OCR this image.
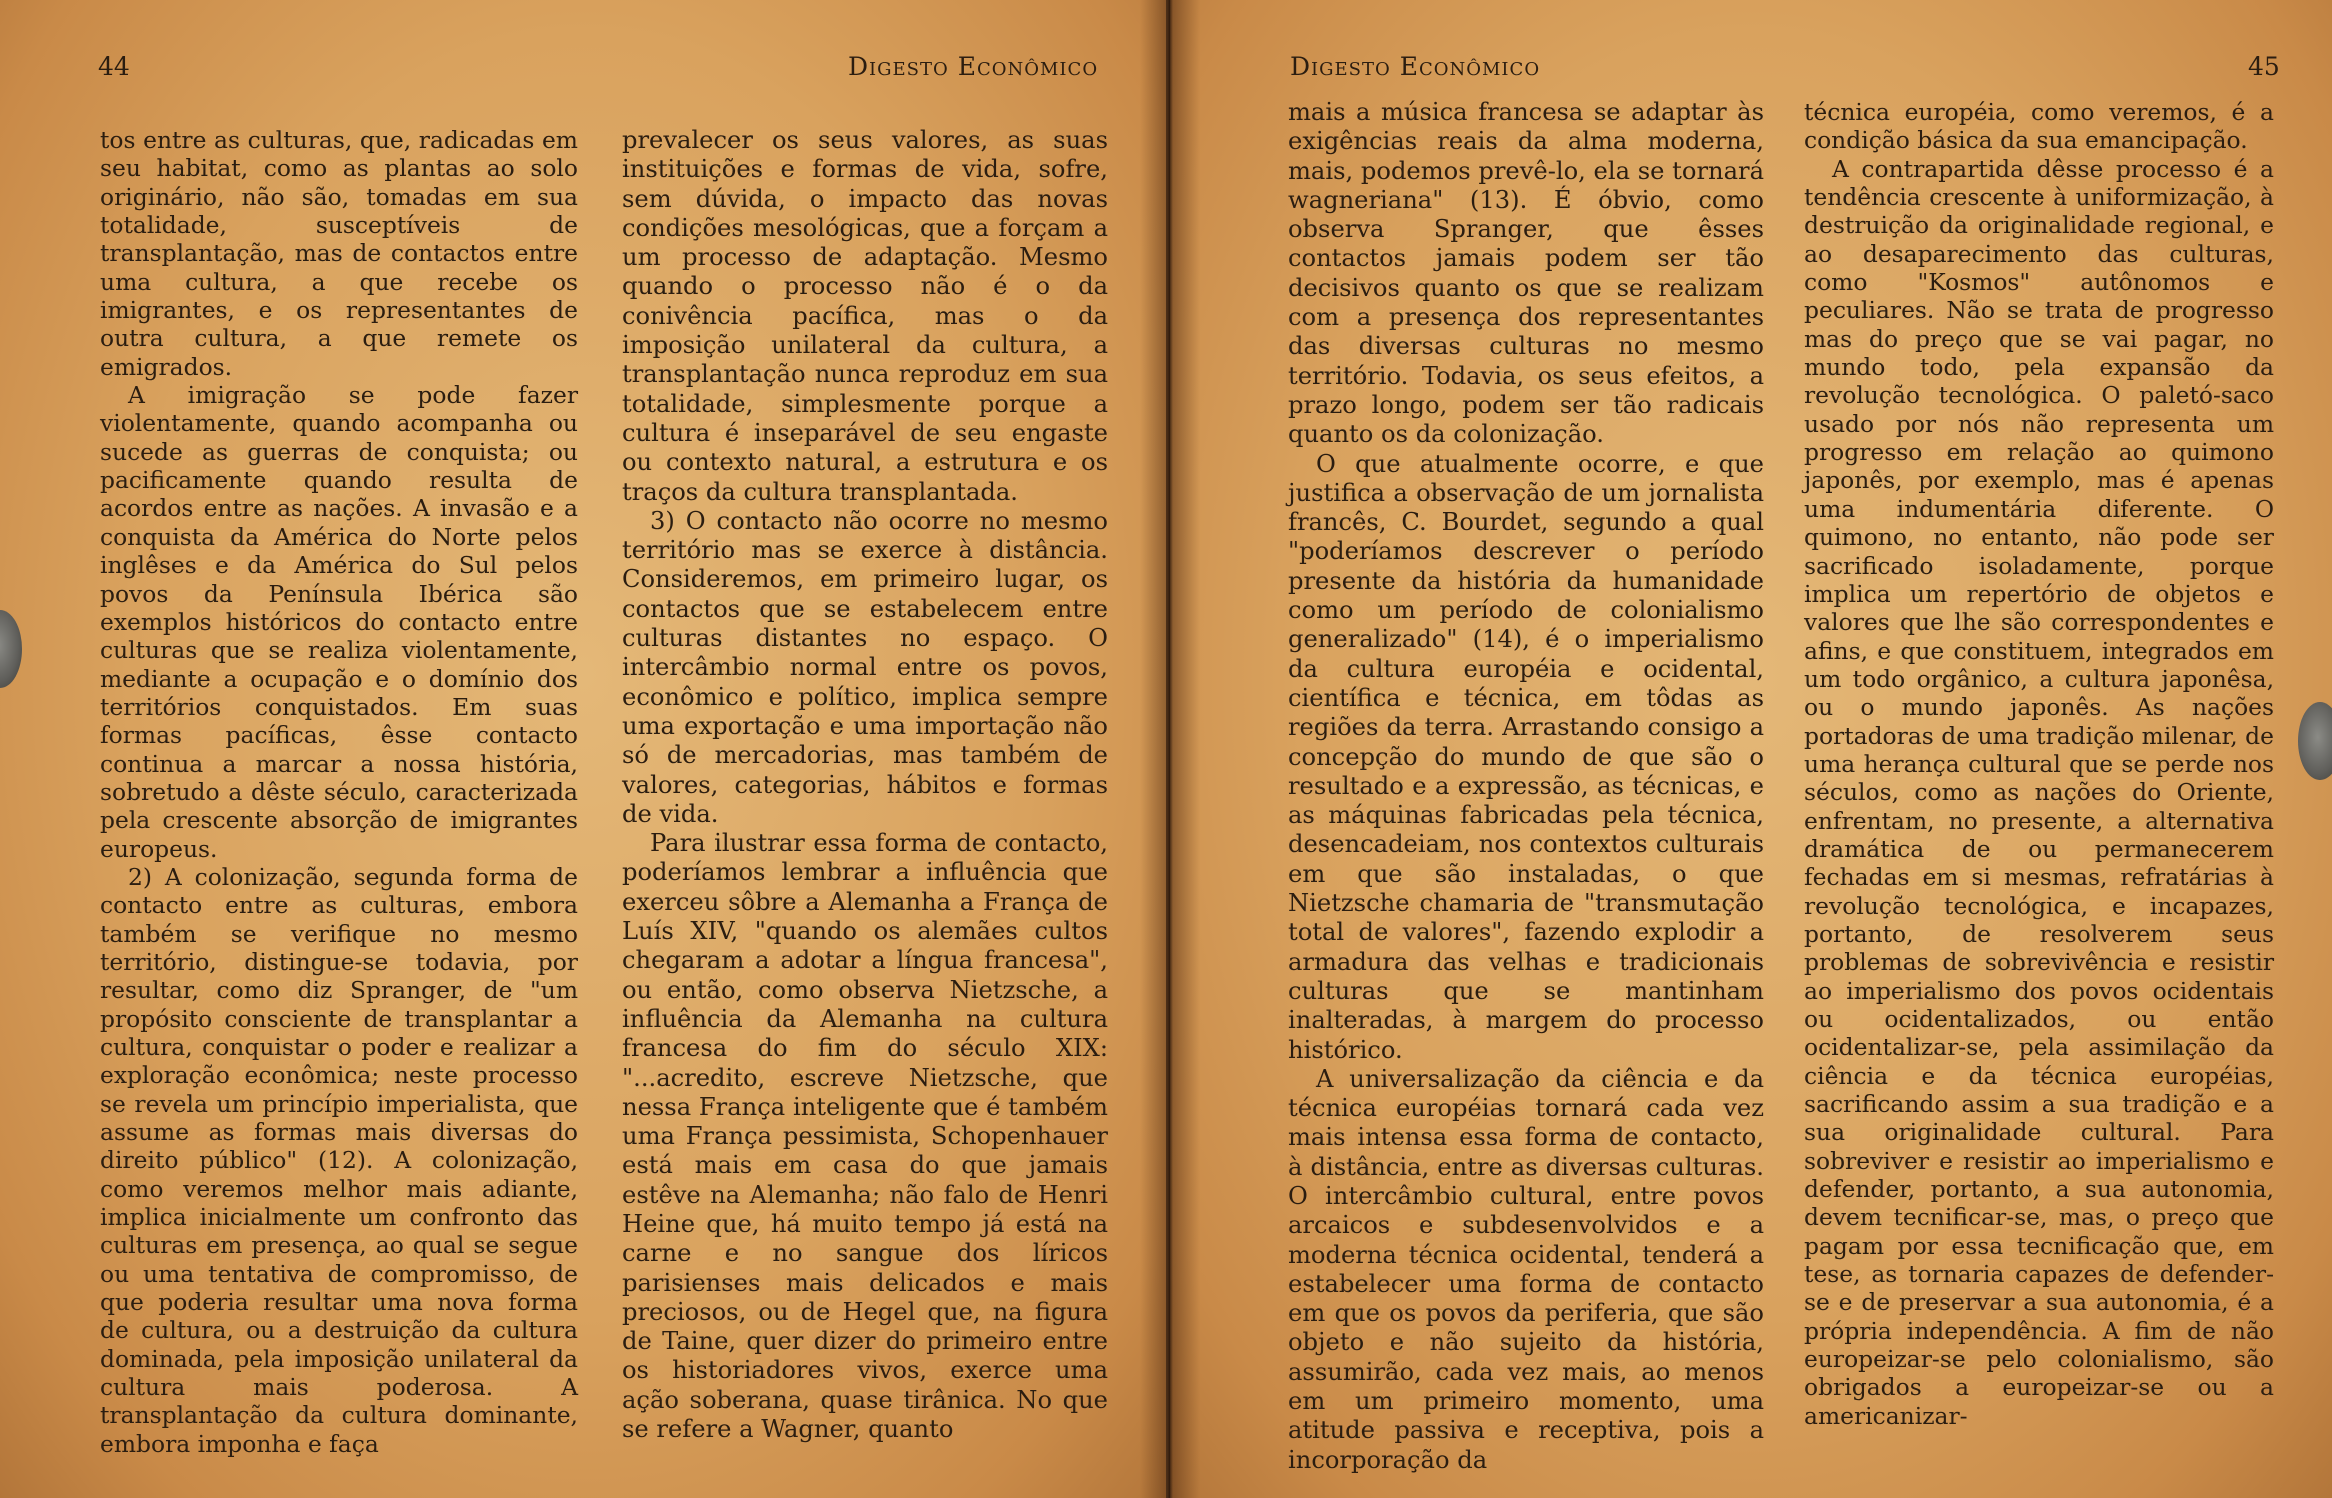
44	Digesto Econômico

tos entre as culturas, que, radicadas em seu habitat, como as plantas ao solo originário, não são, tomadas em sua totalidade, susceptíveis de transplantação, mas de contactos entre uma cultura, a que recebe os imigrantes, e os representantes de outra cultura, a que remete os emigrados.

A imigração se pode fazer violentamente, quando acompanha ou sucede as guerras de conquista; ou pacificamente quando resulta de acordos entre as nações. A invasão e a conquista da América do Norte pelos inglêses e da América do Sul pelos povos da Península Ibérica são exemplos históricos do contacto entre culturas que se realiza violentamente, mediante a ocupação e o domínio dos territórios conquistados. Em suas formas pacíficas, êsse contacto continua a marcar a nossa história, sobretudo a dêste século, caracterizada pela crescente absorção de imigrantes europeus.

2) A colonização, segunda forma de contacto entre as culturas, embora também se verifique no mesmo território, distingue-se todavia, por resultar, como diz Spranger, de "um propósito consciente de transplantar a cultura, conquistar o poder e realizar a exploração econômica; neste processo se revela um princípio imperialista, que assume as formas mais diversas do direito público" (12). A colonização, como veremos melhor mais adiante, implica inicialmente um confronto das culturas em presença, ao qual se segue ou uma tentativa de compromisso, de que poderia resultar uma nova forma de cultura, ou a destruição da cultura dominada, pela imposição unilateral da cultura mais poderosa. A transplantação da cultura dominante, embora imponha e faça

prevalecer os seus valores, as suas instituições e formas de vida, sofre, sem dúvida, o impacto das novas condições mesológicas, que a forçam a um processo de adaptação. Mesmo quando o processo não é o da conivência pacífica, mas o da imposição unilateral da cultura, a transplantação nunca reproduz em sua totalidade, simplesmente porque a cultura é inseparável de seu engaste ou contexto natural, a estrutura e os traços da cultura transplantada.

3) O contacto não ocorre no mesmo território mas se exerce à distância. Consideremos, em primeiro lugar, os contactos que se estabelecem entre culturas distantes no espaço. O intercâmbio normal entre os povos, econômico e político, implica sempre uma exportação e uma importação não só de mercadorias, mas também de valores, categorias, hábitos e formas de vida.

Para ilustrar essa forma de contacto, poderíamos lembrar a influência que exerceu sôbre a Alemanha a França de Luís XIV, "quando os alemães cultos chegaram a adotar a língua francesa", ou então, como observa Nietzsche, a influência da Alemanha na cultura francesa do fim do século XIX: "...acredito, escreve Nietzsche, que nessa França inteligente que é também uma França pessimista, Schopenhauer está mais em casa do que jamais estêve na Alemanha; não falo de Henri Heine que, há muito tempo já está na carne e no sangue dos líricos parisienses mais delicados e mais preciosos, ou de Hegel que, na figura de Taine, quer dizer do primeiro entre os historiadores vivos, exerce uma ação soberana, quase tirânica. No que se refere a Wagner, quanto

Digesto Econômico	45

mais a música francesa se adaptar às exigências reais da alma moderna, mais, podemos prevê-lo, ela se tornará wagneriana" (13). É óbvio, como observa Spranger, que êsses contactos jamais podem ser tão decisivos quanto os que se realizam com a presença dos representantes das diversas culturas no mesmo território. Todavia, os seus efeitos, a prazo longo, podem ser tão radicais quanto os da colonização.

O que atualmente ocorre, e que justifica a observação de um jornalista francês, C. Bourdet, segundo a qual "poderíamos descrever o período presente da história da humanidade como um período de colonialismo generalizado" (14), é o imperialismo da cultura européia e ocidental, científica e técnica, em tôdas as regiões da terra. Arrastando consigo a concepção do mundo de que são o resultado e a expressão, as técnicas, e as máquinas fabricadas pela técnica, desencadeiam, nos contextos culturais em que são instaladas, o que Nietzsche chamaria de "transmutação total de valores", fazendo explodir a armadura das velhas e tradicionais culturas que se mantinham inalteradas, à margem do processo histórico.

A universalização da ciência e da técnica européias tornará cada vez mais intensa essa forma de contacto, à distância, entre as diversas culturas. O intercâmbio cultural, entre povos arcaicos e subdesenvolvidos e a moderna técnica ocidental, tenderá a estabelecer uma forma de contacto em que os povos da periferia, que são objeto e não sujeito da história, assumirão, cada vez mais, ao menos em um primeiro momento, uma atitude passiva e receptiva, pois a incorporação da

técnica européia, como veremos, é a condição básica da sua emancipação.

A contrapartida dêsse processo é a tendência crescente à uniformização, à destruição da originalidade regional, e ao desaparecimento das culturas, como "Kosmos" autônomos e peculiares. Não se trata de progresso mas do preço que se vai pagar, no mundo todo, pela expansão da revolução tecnológica. O paletó-saco usado por nós não representa um progresso em relação ao quimono japonês, por exemplo, mas é apenas uma indumentária diferente. O quimono, no entanto, não pode ser sacrificado isoladamente, porque implica um repertório de objetos e valores que lhe são correspondentes e afins, e que constituem, integrados em um todo orgânico, a cultura japonêsa, ou o mundo japonês. As nações portadoras de uma tradição milenar, de uma herança cultural que se perde nos séculos, como as nações do Oriente, enfrentam, no presente, a alternativa dramática de ou permanecerem fechadas em si mesmas, refratárias à revolução tecnológica, e incapazes, portanto, de resolverem seus problemas de sobrevivência e resistir ao imperialismo dos povos ocidentais ou ocidentalizados, ou então ocidentalizar-se, pela assimilação da ciência e da técnica européias, sacrificando assim a sua tradição e a sua originalidade cultural. Para sobreviver e resistir ao imperialismo e defender, portanto, a sua autonomia, devem tecnificar-se, mas, o preço que pagam por essa tecnificação que, em tese, as tornaria capazes de defender-se e de preservar a sua autonomia, é a própria independência. A fim de não europeizar-se pelo colonialismo, são obrigados a europeizar-se ou a americanizar-
